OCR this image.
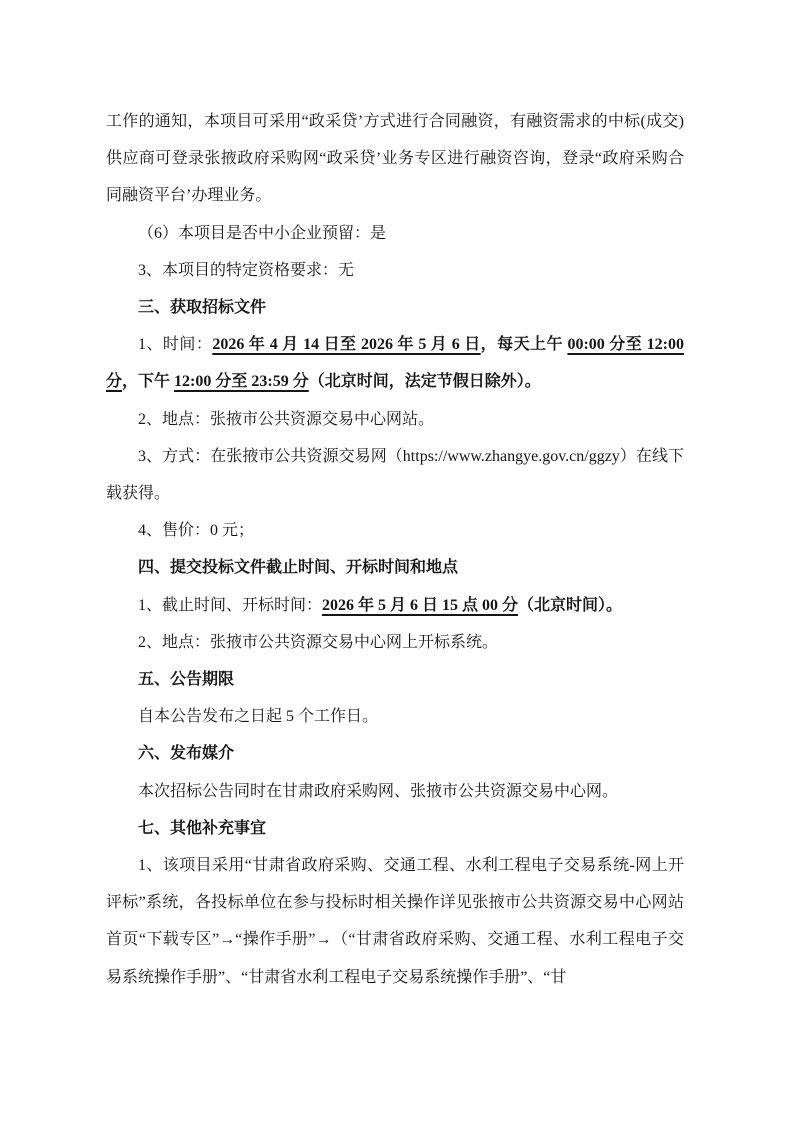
工作的通知，本项目可采用“政采贷’方式进行合同融资，有融资需求的中标(成交)供应商可登录张掖政府采购网“政采贷’业务专区进行融资咨询，登录“政府采购合同融资平台’办理业务。

（6）本项目是否中小企业预留：是

3、本项目的特定资格要求：无

三、获取招标文件

1、时间：2026 年 4 月 14 日至 2026 年 5 月 6 日，每天上午 00:00 分至 12:00 分，下午 12:00 分至 23:59 分（北京时间，法定节假日除外）。

2、地点：张掖市公共资源交易中心网站。

3、方式：在张掖市公共资源交易网（https://www.zhangye.gov.cn/ggzy）在线下载获得。

4、售价：0 元；

四、提交投标文件截止时间、开标时间和地点

1、截止时间、开标时间：2026 年 5 月 6 日 15 点 00 分（北京时间）。

2、地点：张掖市公共资源交易中心网上开标系统。

五、公告期限

自本公告发布之日起 5 个工作日。

六、发布媒介

本次招标公告同时在甘肃政府采购网、张掖市公共资源交易中心网。

七、其他补充事宜

1、该项目采用“甘肃省政府采购、交通工程、水利工程电子交易系统-网上开评标”系统，各投标单位在参与投标时相关操作详见张掖市公共资源交易中心网站首页“下载专区”→“操作手册”→（“甘肃省政府采购、交通工程、水利工程电子交易系统操作手册”、“甘肃省水利工程电子交易系统操作手册”、“甘
